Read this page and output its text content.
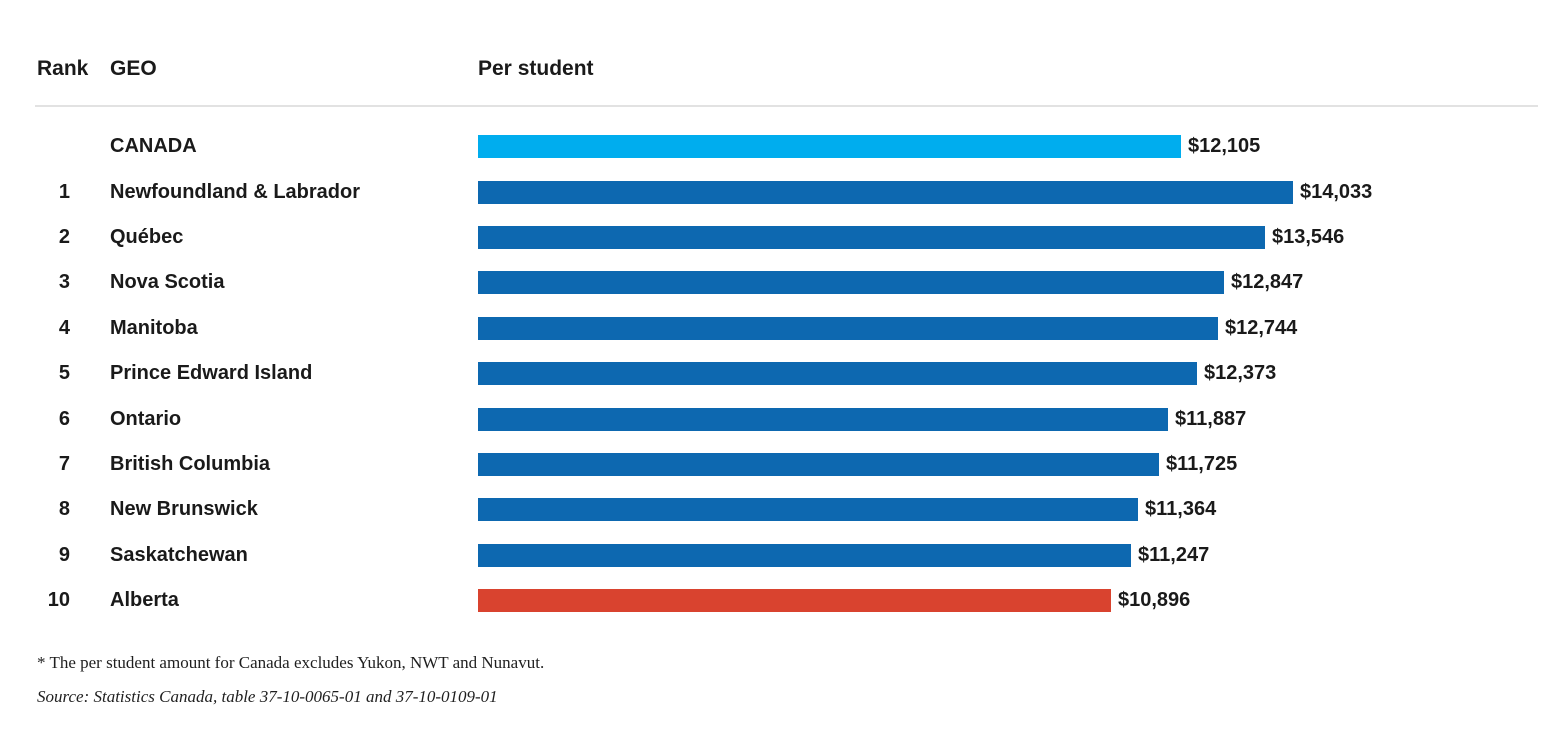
Rank	GEO	Per student
CANADA	$12,105
1 Newfoundland & Labrador	$14,033
2 Québec	$13,546
3 Nova Scotia	$12,847
4 Manitoba	$12,744
5 Prince Edward Island	$12,373
6 Ontario	$11,887
7 British Columbia	$11,725
8 New Brunswick	$11,364
9 Saskatchewan	$11,247
10 Alberta	$10,896
* The per student amount for Canada excludes Yukon, NWT and Nunavut.
Source: Statistics Canada, table 37-10-0065-01 and 37-10-0109-01
